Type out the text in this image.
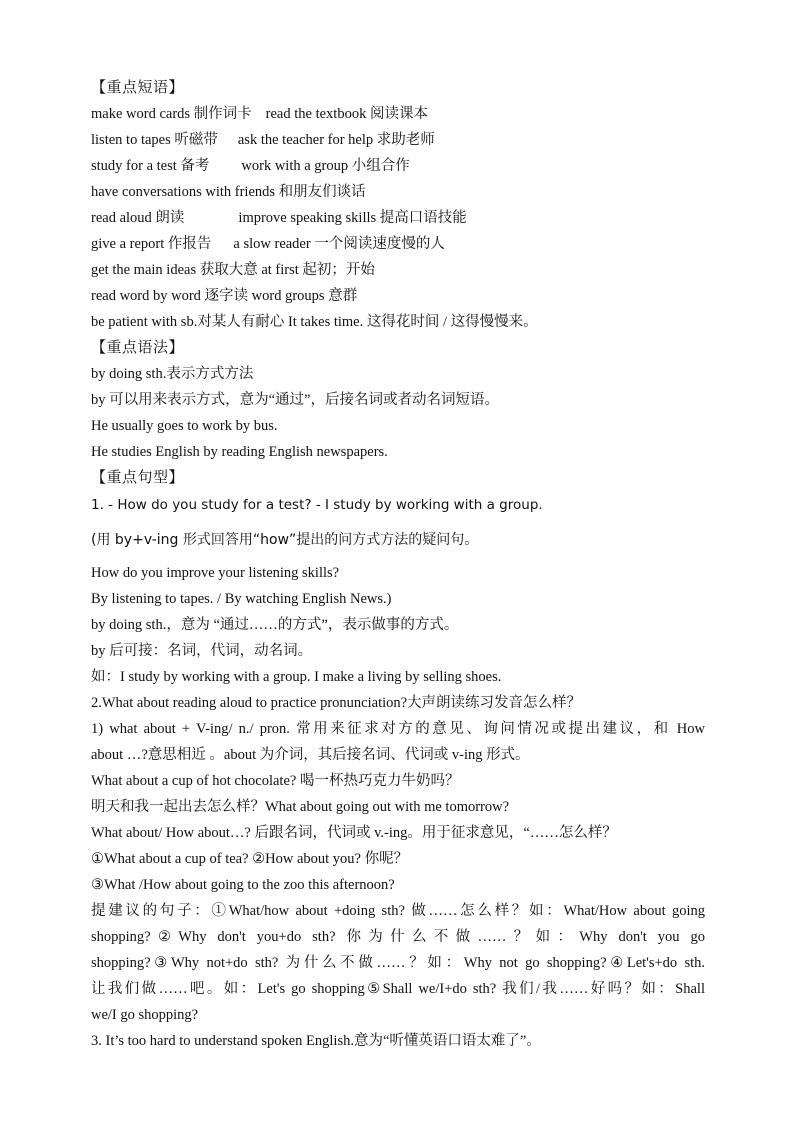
【重点短语】
make word cards 制作词卡 read the textbook 阅读课本
listen to tapes 听磁带 ask the teacher for help 求助老师
study for a test 备考 work with a group 小组合作
have conversations with friends 和朋友们谈话
read aloud 朗读	improve speaking skills 提高口语技能
give a report 作报告 a slow reader 一个阅读速度慢的人
get the main ideas 获取大意 at first 起初；开始
read word by word 逐字读 word groups 意群
be patient with sb.对某人有耐心 It takes time. 这得花时间 / 这得慢慢来。
【重点语法】
by doing sth.表示方式方法
by 可以用来表示方式，意为“通过”，后接名词或者动名词短语。
He usually goes to work by bus.
He studies English by reading English newspapers.
【重点句型】
1. - How do you study for a test? - I study by working with a group.
(用 by+v-ing 形式回答用“how”提出的问方式方法的疑问句。
How do you improve your listening skills?
By listening to tapes. / By watching English News.)
by doing sth.，意为 “通过……的方式”，表示做事的方式。
by 后可接：名词，代词，动名词。
如：I study by working with a group. I make a living by selling shoes.
2.What about reading aloud to practice pronunciation?大声朗读练习发音怎么样？
1) what about + V-ing/ n./ pron. 常用来征求对方的意见、询问情况或提出建议，和 How
about …?意思相近 。about 为介词，其后接名词、代词或 v-ing 形式。
What about a cup of hot chocolate? 喝一杯热巧克力牛奶吗？
明天和我一起出去怎么样？What about going out with me tomorrow?
What about/ How about…? 后跟名词，代词或 v.-ing。用于征求意见，“……怎么样？
①What about a cup of tea? ②How about you? 你呢？
③What /How about going to the zoo this afternoon?
提建议的句子：①What/how about +doing sth? 做……怎么样？如：What/How about going
shopping?②Why don't you+do sth? 你为什么不做……？如：Why don't you go
shopping?③Why not+do sth? 为什么不做……？如：Why not go shopping?④Let's+do sth.
让我们做……吧。如：Let's go shopping⑤Shall we/I+do sth? 我们/我……好吗？如：Shall
we/I go shopping?
3. It’s too hard to understand spoken English.意为“听懂英语口语太难了”。
